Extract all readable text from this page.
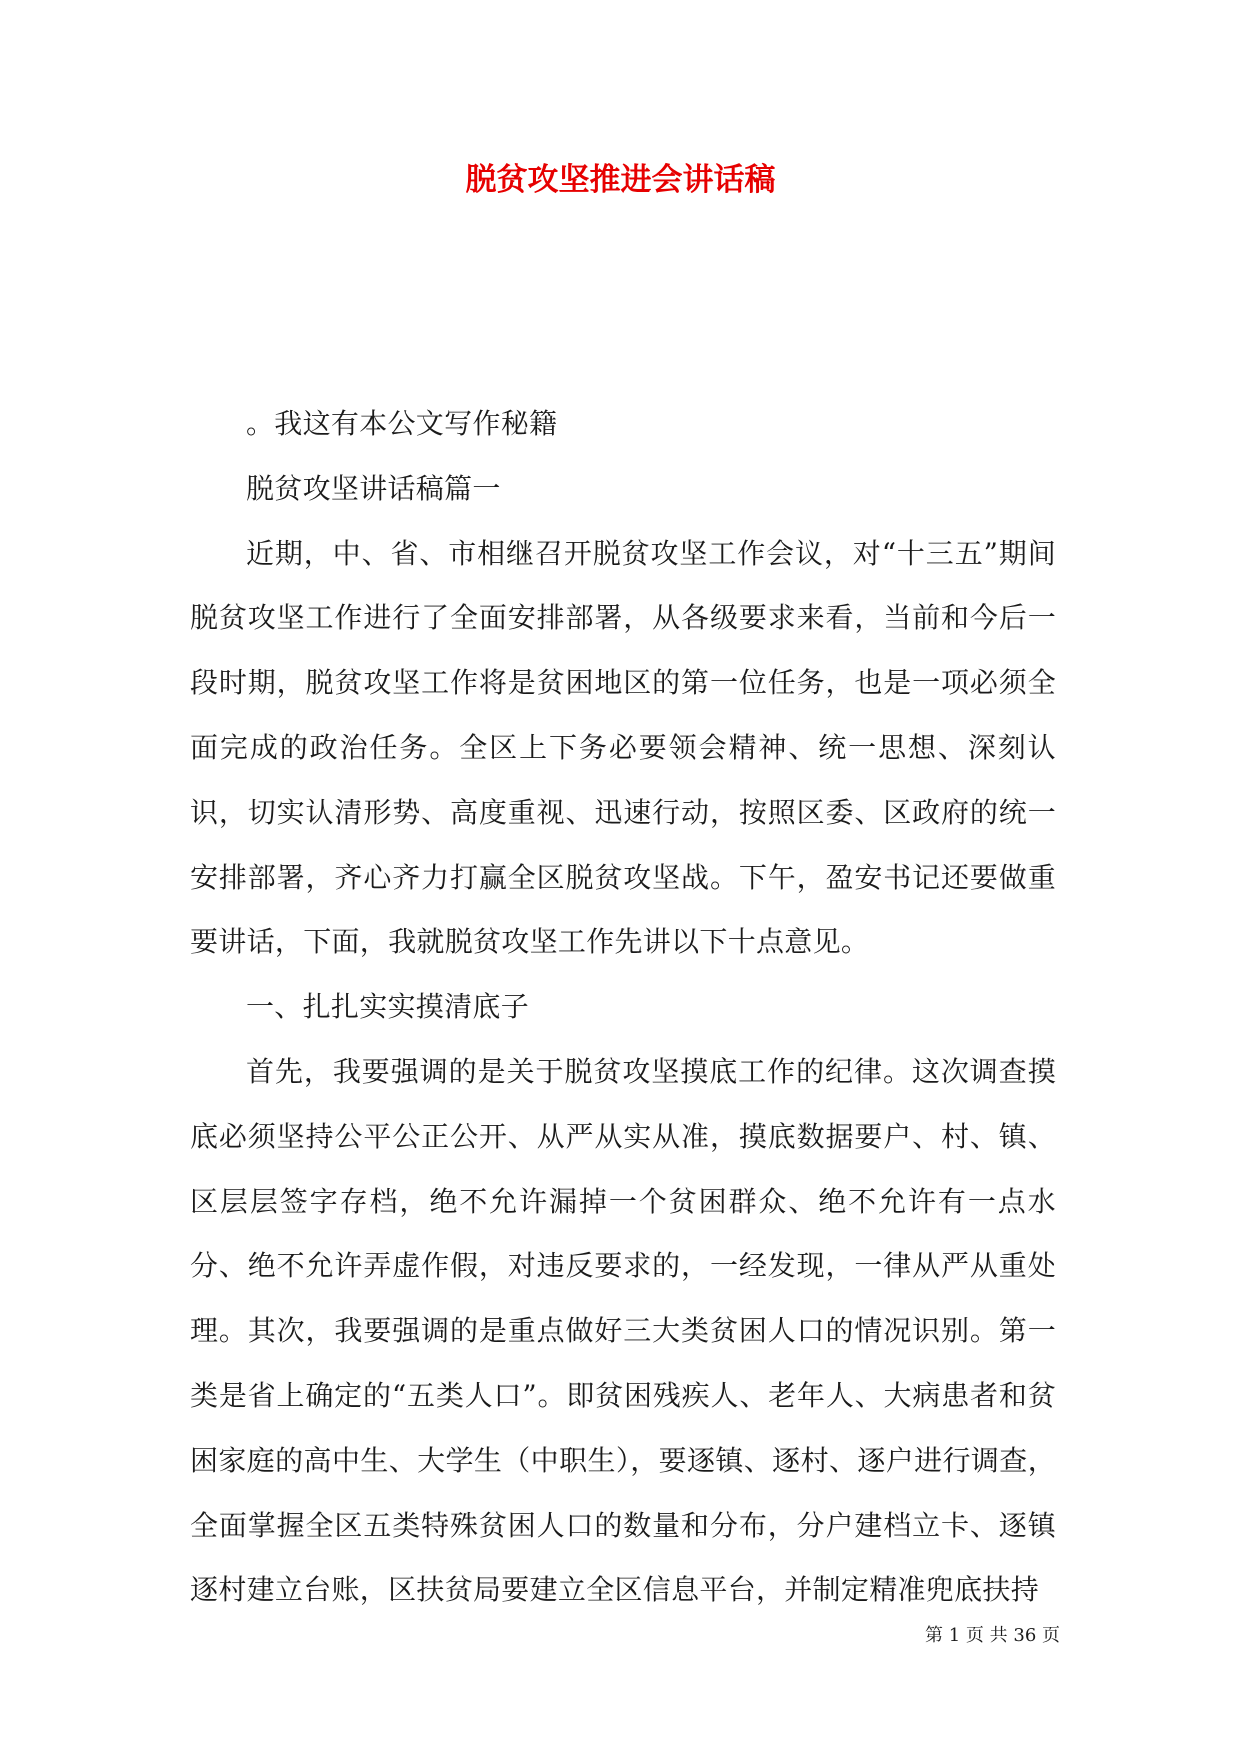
脱贫攻坚推进会讲话稿

。我这有本公文写作秘籍

脱贫攻坚讲话稿篇一

近期，中、省、市相继召开脱贫攻坚工作会议，对“十三五”期间脱贫攻坚工作进行了全面安排部署，从各级要求来看，当前和今后一段时期，脱贫攻坚工作将是贫困地区的第一位任务，也是一项必须全面完成的政治任务。全区上下务必要领会精神、统一思想、深刻认识，切实认清形势、高度重视、迅速行动，按照区委、区政府的统一安排部署，齐心齐力打赢全区脱贫攻坚战。下午，盈安书记还要做重要讲话，下面，我就脱贫攻坚工作先讲以下十点意见。

一、扎扎实实摸清底子

首先，我要强调的是关于脱贫攻坚摸底工作的纪律。这次调查摸底必须坚持公平公正公开、从严从实从准，摸底数据要户、村、镇、区层层签字存档，绝不允许漏掉一个贫困群众、绝不允许有一点水分、绝不允许弄虚作假，对违反要求的，一经发现，一律从严从重处理。其次，我要强调的是重点做好三大类贫困人口的情况识别。第一类是省上确定的“五类人口”。即贫困残疾人、老年人、大病患者和贫困家庭的高中生、大学生（中职生），要逐镇、逐村、逐户进行调查，全面掌握全区五类特殊贫困人口的数量和分布，分户建档立卡、逐镇逐村建立台账，区扶贫局要建立全区信息平台，并制定精准兜底扶持

第 1 页 共 36 页
